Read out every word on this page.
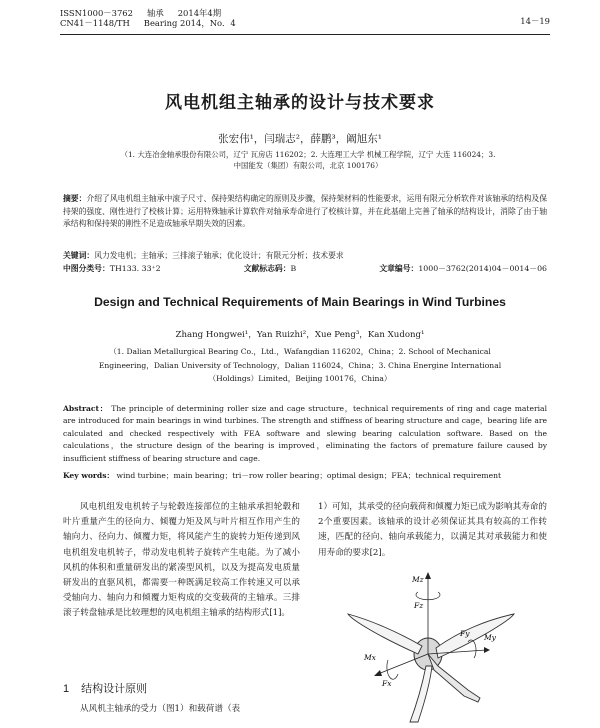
ISSN1000－3762 轴承 2014年4期
CN41－1148/TH Bearing 2014，No．4	14－19
风电机组主轴承的设计与技术要求
张宏伟¹，闫瑞志²，薛鹏³，阚旭东¹
（1. 大连冶金轴承股份有限公司，辽宁 瓦房店 116202；2. 大连理工大学 机械工程学院，辽宁 大连 116024；3. 中国能发（集团）有限公司，北京 100176）
摘要：介绍了风电机组主轴承中滚子尺寸、保持架结构确定的原则及步骤，保持架材料的性能要求，运用有限元分析软件对该轴承的结构及保持架的强度、刚性进行了校核计算；运用特殊轴承计算软件对轴承寿命进行了校核计算，并在此基础上完善了轴承的结构设计，消除了由于轴承结构和保持架的刚性不足造成轴承早期失效的因素。
关键词：风力发电机；主轴承；三排滚子轴承；优化设计；有限元分析；技术要求
中图分类号：TH133. 33⁺2	文献标志码：B	文章编号：1000－3762(2014)04－0014－06
Design and Technical Requirements of Main Bearings in Wind Turbines
Zhang Hongwei¹，Yan Ruizhi²，Xue Peng³，Kan Xudong¹
（1. Dalian Metallurgical Bearing Co.，Ltd.，Wafangdian 116202，China；2. School of Mechanical Engineering，Dalian University of Technology，Dalian 116024，China；3. China Energine International（Holdings）Limited，Beijing 100176，China）
Abstract： The principle of determining roller size and cage structure，technical requirements of ring and cage material are introduced for main bearings in wind turbines. The strength and stiffness of bearing structure and cage，bearing life are calculated and checked respectively with FEA software and slewing bearing calculation software. Based on the calculations，the structure design of the bearing is improved，eliminating the factors of premature failure caused by insufficient stiffness of bearing structure and cage.
Key words： wind turbine；main bearing；tri－row roller bearing；optimal design；FEA；technical requirement
风电机组发电机转子与轮毂连接部位的主轴承承担轮毂和叶片重量产生的径向力、倾覆力矩及风与叶片相互作用产生的轴向力、径向力、倾覆力矩，将风能产生的旋转力矩传递到风电机组发电机转子，带动发电机转子旋转产生电能。为了减小风机的体积和重量研发出的紧凑型风机，以及为提高发电质量研发出的直驱风机，都需要一种既满足较高工作转速又可以承受轴向力、轴向力和倾覆力矩构成的交变载荷的主轴承。三排滚子转盘轴承是比较理想的风电机组主轴承的结构形式[1]。
1）可知，其承受的径向载荷和倾覆力矩已成为影响其寿命的2个重要因素。该轴承的设计必须保证其具有较高的工作转速，匹配的径向、轴向承载能力，以满足其对承载能力和使用寿命的要求[2]。
1 结构设计原则
从风机主轴承的受力（图1）和载荷谱（表
Mz
Fz
Fy My
Mx
Fx
